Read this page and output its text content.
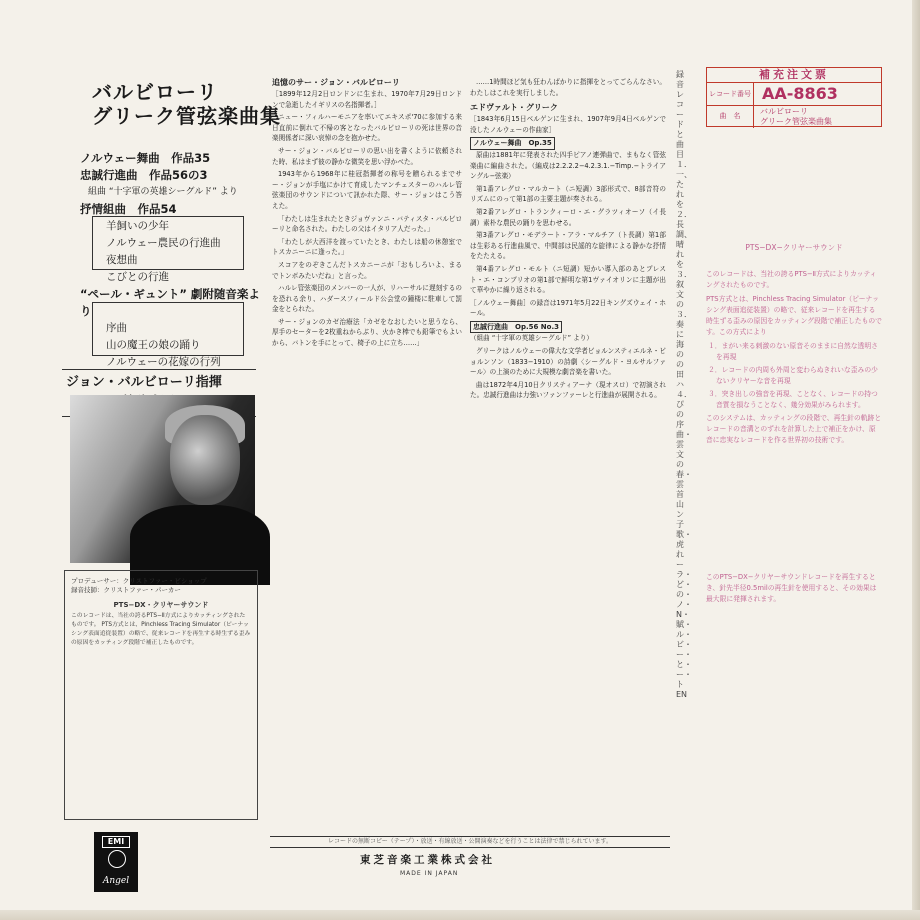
バルビローリ
グリーク管弦楽曲集
ノルウェー舞曲　作品35
忠誠行進曲　作品56の3
組曲 “十字軍の英雄シーグルド” より
抒情組曲　作品54
羊飼いの少年
ノルウェー農民の行進曲
夜想曲
こびとの行進
“ペール・ギュント” 劇附随音楽より
序曲
山の魔王の娘の踊り
ノルウェーの花嫁の行列
ジョン・バルビローリ指揮
プロデューサー：クリストファー・ビショップ
録音技師：クリストファー・パーカー
PTS−DX・クリヤーサウンド
このレコードは、当社の誇るPTS−Ⅱ方式によりカッティングされたものです。 PTS方式とは、Pinchless Tracing Simulator（ピーナッシング表面追従装置）の略で、従来レコードを再生する時生ずる歪みの原因をカッティング段階で補正したものです。
追憶のサー・ジョン・バルビローリ
［1899年12月2日ロンドンに生まれ、1970年7月29日ロンドンで急逝したイギリスの名指揮者。］

ニュー・フィルハーモニアを率いてエキスポ'70に参加する来日直前に倒れて不帰の客となったバルビローリの死は世界の音楽関係者に深い哀悼の念を抱かせた。

サー・ジョン・バルビローリの思い出を書くように依頼された時、私はまず彼の静かな微笑を思い浮かべた。

1943年から1968年に桂冠指揮者の称号を贈られるまでサー・ジョンが手塩にかけて育成したマンチェスターのハルレ管弦楽団のサウンドについて訊かれた際、サー・ジョンはこう答えた。

「わたしは生まれたときジョヴァンニ・バティスタ・バルビローリと命名された。わたしの父はイタリア人だった。」

「わたしが大西洋を渡っていたとき、わたしは船の休憩室でトスカニーニに逢った。」

スコアをのぞきこんだトスカニーニが「おもしろいよ、まるでトンボみたいだね」と言った。

ハルレ管弦楽団のメンバーの一人が、リハーサルに遅刻するのを恐れる余り、ハダースフィールド公会堂の鐘楼に駐車して罰金をとられた。

サー・ジョンのカゼ治療法「カゼをなおしたいと思うなら、厚手のセーターを2枚重ねからぶり、火かき棒でも鉛筆でもよいから、バトンを手にとって、椅子の上に立ち……」

……1時間ほど気も狂わんばかりに指揮をとってごらんなさい。わたしはこれを実行しました。

エドヴァルト・グリーク
［1843年6月15日ベルゲンに生まれ、1907年9月4日ベルゲンで没したノルウェーの作曲家］
ノルウェー舞曲　Op.35

原曲は1881年に発表された四手ピアノ連弾曲で、まもなく管弦楽曲に編曲された。（編成は2.2.2.2−4.2.3.1.−Timp.−トライアングル−弦楽）

第1番アレグロ・マルカート（ニ短調）3部形式で、8部音符のリズムにのって第1部の主要主題が奏される。

第2番アレグロ・トランクィーロ・エ・グラツィオーソ（イ長調）素朴な農民の踊りを思わせる。

第3番アレグロ・モデラート・アラ・マルチア（ト長調）第1部は生彩ある行進曲風で、中間部は民謡的な旋律による静かな抒情をたたえる。

第4番アレグロ・モルト（ニ短調）短かい導入部のあとプレスト・エ・コンブリオの第1部で鮮明な第1ヴァイオリンに主題が出て華やかに繰り返される。

［ノルウェー舞曲］の録音は1971年5月22日キングズウェイ・ホール。
忠誠行進曲　Op.56 No.3
（組曲 “十字軍の英雄シーグルド” より）

グリークはノルウェーの偉大な文学者ビョルンスティエルネ・ビョルンソン（1833−1910）の詩劇〈シーグルド・ヨルサルファール〉の上演のために大規模な劇音楽を書いた。

曲は1872年4月10日クリスティアーナ（現オスロ）で初演された。忠誠行進曲は力強いファンファーレと行進曲が展開される。

録音レコードと曲目１．一、たれを２．長調、晴れを３．叙文の３．奏に海のの田ハ４．ぴの序曲・雲文の春・雲首山ン子歌・虎れーラ・ど・の・ノ・N・賦・ル・ビ・ー・と・ー・トEN
補充注文票
レコード番号 AA-8863
曲　名	バルビローリ
グリーク管弦楽曲集
PTS−DX−クリヤーサウンド

このレコードは、当社の誇るPTS−Ⅱ方式によりカッティングされたものです。

PTS方式とは、Pinchless Tracing Simulator（ピーナッシング表面追従装置）の略で、従来レコードを再生する時生ずる歪みの原因をカッティング段階で補正したものです。この方式により

１．まがい来る刺激のない原音そのままに自然な透明さを再現
２．レコードの内周も外周と変わらぬきれいな歪みの少ないクリヤーな音を再現
３．突き出しの強音を再現、ことなく、レコードの持つ音質を損なうことなく、幾分効果がみられます。

このシステムは、カッティングの段階で、再生針の軌跡とレコードの音溝とのずれを計算した上で補正をかけ、原音に忠実なレコードを作る世界初の技術です。

このPTS−DX−クリヤーサウンドレコードを再生するとき、針先半径0.5milの再生針を使用すると、その効果は最大限に発揮されます。
EMI
Angel
レコードの無断コピー（テープ）・放送・有線放送・公開演奏などを行うことは法律で禁じられています。
東芝音楽工業株式会社
MADE IN JAPAN
